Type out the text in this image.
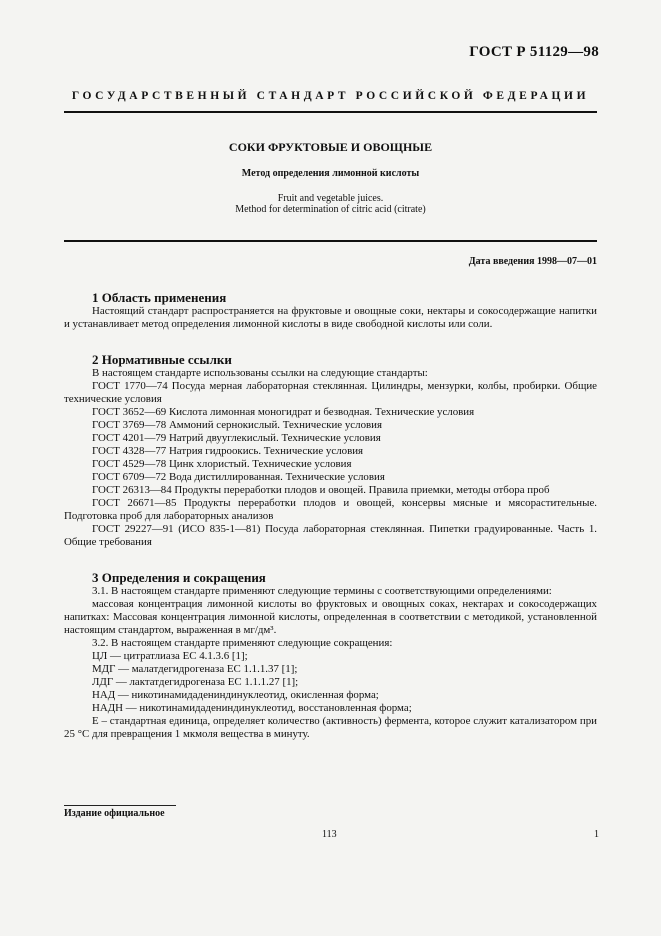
ГОСТ Р 51129—98
ГОСУДАРСТВЕННЫЙ СТАНДАРТ РОССИЙСКОЙ ФЕДЕРАЦИИ
СОКИ ФРУКТОВЫЕ И ОВОЩНЫЕ
Метод определения лимонной кислоты
Fruit and vegetable juices.
Method for determination of citric acid (citrate)
Дата введения 1998—07—01
1 Область применения

Настоящий стандарт распространяется на фруктовые и овощные соки, нектары и сокосодержащие напитки и устанавливает метод определения лимонной кислоты в виде свободной кислоты или соли.

2 Нормативные ссылки

В настоящем стандарте использованы ссылки на следующие стандарты:

ГОСТ 1770—74 Посуда мерная лабораторная стеклянная. Цилиндры, мензурки, колбы, пробирки. Общие технические условия

ГОСТ 3652—69 Кислота лимонная моногидрат и безводная. Технические условия

ГОСТ 3769—78 Аммоний сернокислый. Технические условия

ГОСТ 4201—79 Натрий двууглекислый. Технические условия

ГОСТ 4328—77 Натрия гидроокись. Технические условия

ГОСТ 4529—78 Цинк хлористый. Технические условия

ГОСТ 6709—72 Вода дистиллированная. Технические условия

ГОСТ 26313—84 Продукты переработки плодов и овощей. Правила приемки, методы отбора проб

ГОСТ 26671—85 Продукты переработки плодов и овощей, консервы мясные и мясорастительные. Подготовка проб для лабораторных анализов

ГОСТ 29227—91 (ИСО 835-1—81) Посуда лабораторная стеклянная. Пипетки градуированные. Часть 1. Общие требования

3 Определения и сокращения

3.1. В настоящем стандарте применяют следующие термины с соответствующими определениями:

массовая концентрация лимонной кислоты во фруктовых и овощных соках, нектарах и сокосодержащих напитках: Массовая концентрация лимонной кислоты, определенная в соответствии с методикой, установленной настоящим стандартом, выраженная в мг/дм³.

3.2. В настоящем стандарте применяют следующие сокращения:

ЦЛ — цитратлиаза ЕС 4.1.3.6 [1];

МДГ — малатдегидрогеназа ЕС 1.1.1.37 [1];

ЛДГ — лактатдегидрогеназа ЕС 1.1.1.27 [1];

НАД — никотинамидадениндинуклеотид, окисленная форма;

НАДН — никотинамидадениндинуклеотид, восстановленная форма;

Е – стандартная единица, определяет количество (активность) фермента, которое служит катализатором при 25 °С для превращения 1 мкмоля вещества в минуту.

Издание официальное
113	1
